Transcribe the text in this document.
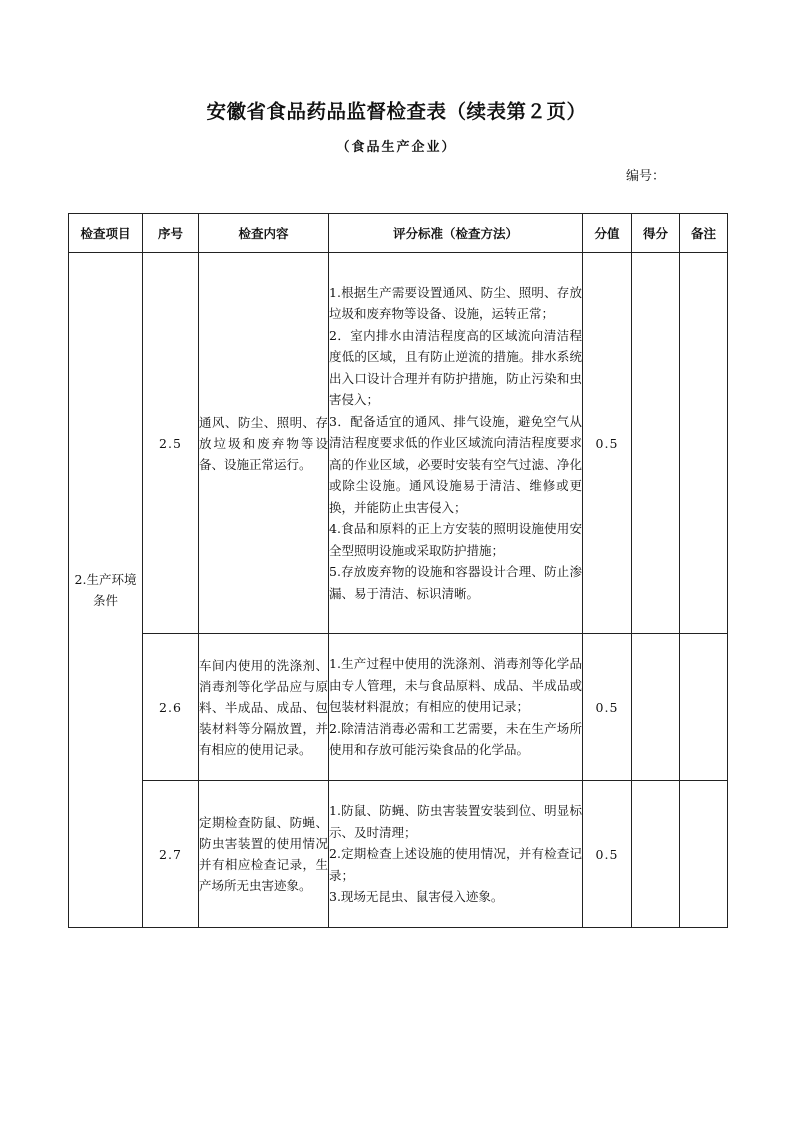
安徽省食品药品监督检查表（续表第２页）
（食品生产企业）
编号：
检查项目	序号	检查内容	评分标准（检查方法）	分值	得分	备注
2.生产环境条件	2.5	通风、防尘、照明、存放垃圾和废弃物等设备、设施正常运行。	1.根据生产需要设置通风、防尘、照明、存放垃圾和废弃物等设备、设施，运转正常；
2．室内排水由清洁程度高的区域流向清洁程度低的区域，且有防止逆流的措施。排水系统出入口设计合理并有防护措施，防止污染和虫害侵入；
3．配备适宜的通风、排气设施，避免空气从清洁程度要求低的作业区域流向清洁程度要求高的作业区域，必要时安装有空气过滤、净化或除尘设施。通风设施易于清洁、维修或更换，并能防止虫害侵入；
4.食品和原料的正上方安装的照明设施使用安全型照明设施或采取防护措施；
5.存放废弃物的设施和容器设计合理、防止渗漏、易于清洁、标识清晰。	0.5		
	2.6	车间内使用的洗涤剂、消毒剂等化学品应与原料、半成品、成品、包装材料等分隔放置，并有相应的使用记录。	1.生产过程中使用的洗涤剂、消毒剂等化学品由专人管理，未与食品原料、成品、半成品或包装材料混放；有相应的使用记录；
2.除清洁消毒必需和工艺需要，未在生产场所使用和存放可能污染食品的化学品。	0.5		
	2.7	定期检查防鼠、防蝇、防虫害装置的使用情况并有相应检查记录，生产场所无虫害迹象。	1.防鼠、防蝇、防虫害装置安装到位、明显标示、及时清理；
2.定期检查上述设施的使用情况，并有检查记录；
3.现场无昆虫、鼠害侵入迹象。	0.5		
